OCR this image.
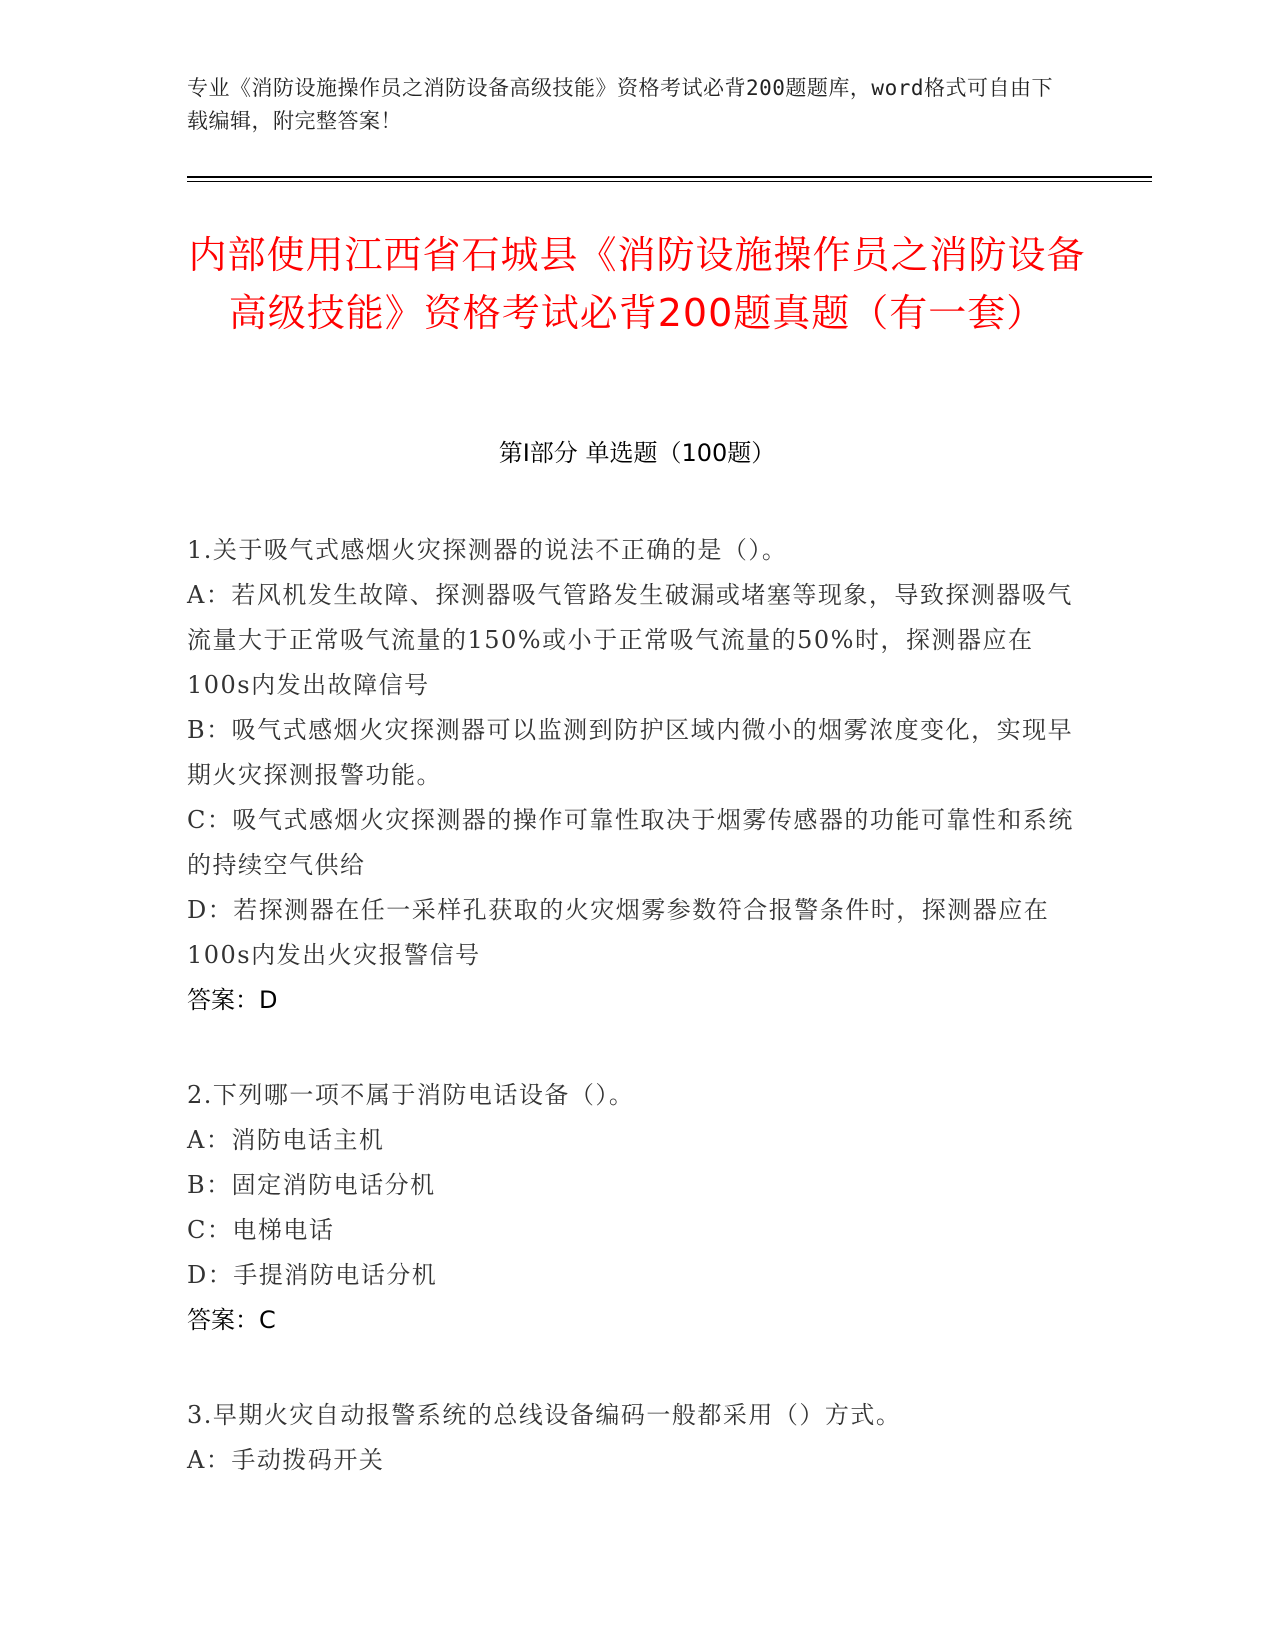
专业《消防设施操作员之消防设备高级技能》资格考试必背200题题库，word格式可自由下载编辑，附完整答案！
内部使用江西省石城县《消防设施操作员之消防设备高级技能》资格考试必背200题真题（有一套）
第Ⅰ部分 单选题（100题）
1.关于吸气式感烟火灾探测器的说法不正确的是（）。
A：若风机发生故障、探测器吸气管路发生破漏或堵塞等现象，导致探测器吸气流量大于正常吸气流量的150%或小于正常吸气流量的50%时，探测器应在100s内发出故障信号
B：吸气式感烟火灾探测器可以监测到防护区域内微小的烟雾浓度变化，实现早期火灾探测报警功能。
C：吸气式感烟火灾探测器的操作可靠性取决于烟雾传感器的功能可靠性和系统的持续空气供给
D：若探测器在任一采样孔获取的火灾烟雾参数符合报警条件时，探测器应在100s内发出火灾报警信号
答案：D
2.下列哪一项不属于消防电话设备（）。
A：消防电话主机
B：固定消防电话分机
C：电梯电话
D：手提消防电话分机
答案：C
3.早期火灾自动报警系统的总线设备编码一般都采用（）方式。
A：手动拨码开关
